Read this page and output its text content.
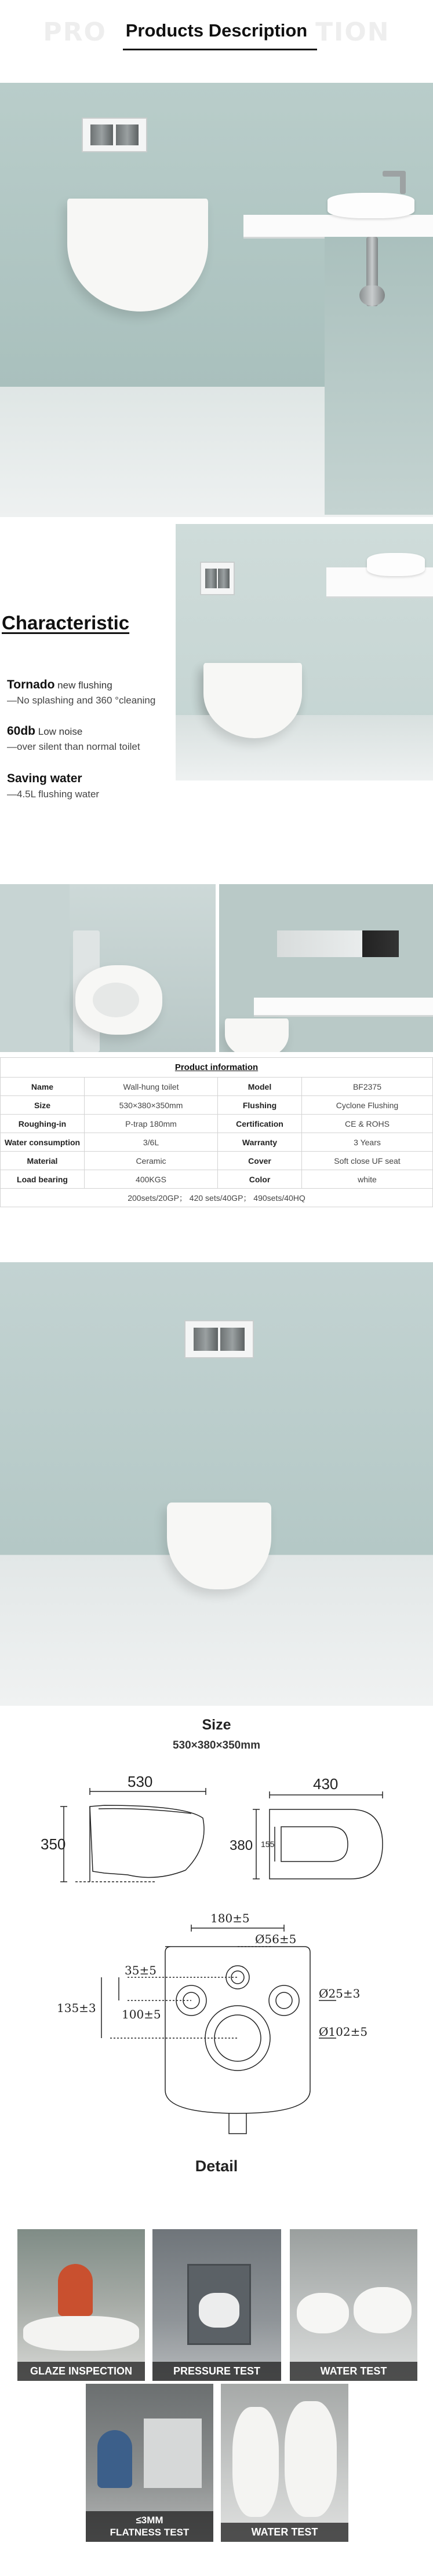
PRO	TION
Products Description
Characteristic
Tornado new flushing
—No splashing and 360 °cleaning
60db Low noise
—over silent than normal toilet
Saving water
—4.5L flushing water
Product information			
Name	Wall-hung toilet	Model	BF2375
Size	530×380×350mm	Flushing	Cyclone Flushing
Roughing-in	P-trap 180mm	Certification	CE & ROHS
Water consumption	3/6L	Warranty	3 Years
Material	Ceramic	Cover	Soft close UF seat
Load bearing	400KGS	Color	white
200sets/20GP； 420 sets/40GP； 490sets/40HQ			
Size
530×380×350mm
530
350
430
380 155
180±5
Ø56±5
35±5
135±3 100±5
Ø25±3
Ø102±5
Detail
GLAZE INSPECTION	PRESSURE TEST	WATER TEST
≤3MM
FLATNESS TEST	WATER TEST
